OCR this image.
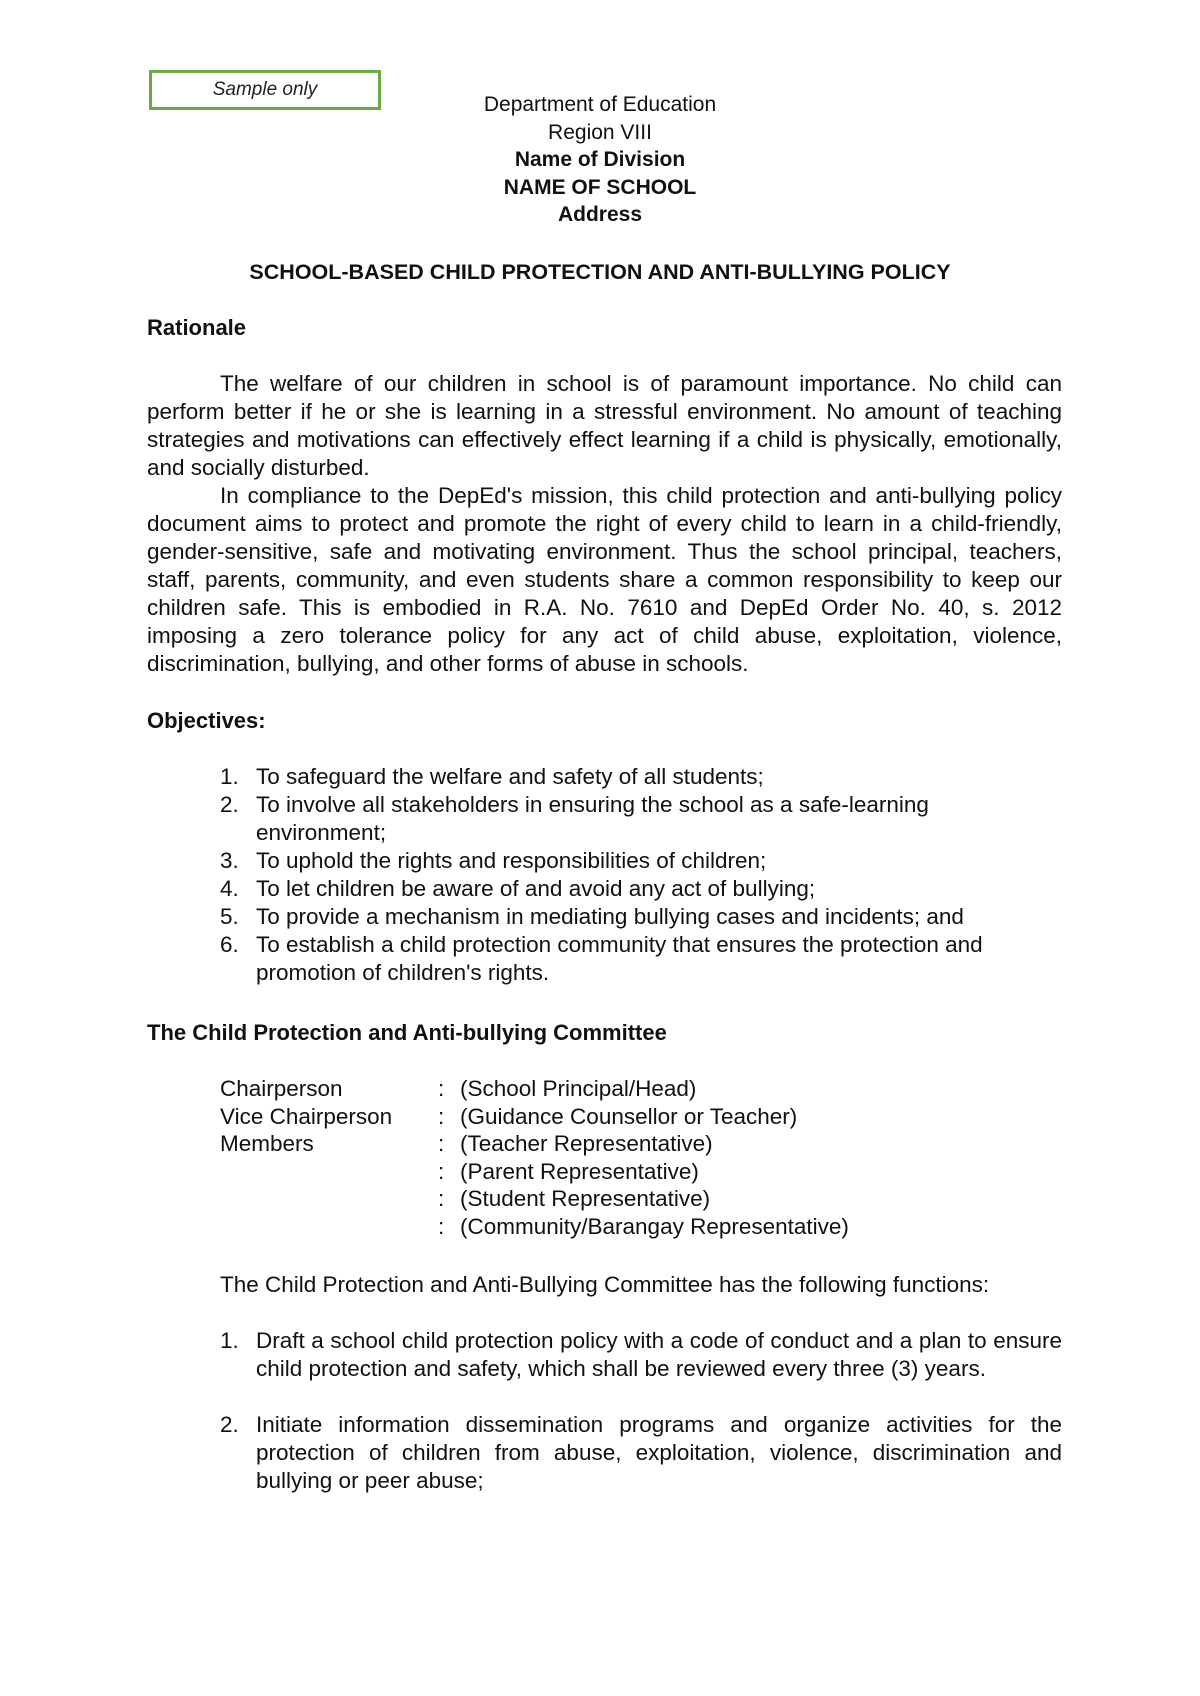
Sample only
Department of Education
Region VIII
Name of Division
NAME OF SCHOOL
Address
SCHOOL-BASED CHILD PROTECTION AND ANTI-BULLYING POLICY
Rationale

The welfare of our children in school is of paramount importance. No child can perform better if he or she is learning in a stressful environment. No amount of teaching strategies and motivations can effectively effect learning if a child is physically, emotionally, and socially disturbed.

In compliance to the DepEd's mission, this child protection and anti-bullying policy document aims to protect and promote the right of every child to learn in a child-friendly, gender-sensitive, safe and motivating environment. Thus the school principal, teachers, staff, parents, community, and even students share a common responsibility to keep our children safe. This is embodied in R.A. No. 7610 and DepEd Order No. 40, s. 2012 imposing a zero tolerance policy for any act of child abuse, exploitation, violence, discrimination, bullying, and other forms of abuse in schools.

Objectives:
1. To safeguard the welfare and safety of all students;
2. To involve all stakeholders in ensuring the school as a safe-learning environment;
3. To uphold the rights and responsibilities of children;
4. To let children be aware of and avoid any act of bullying;
5. To provide a mechanism in mediating bullying cases and incidents; and
6. To establish a child protection community that ensures the protection and promotion of children's rights.
The Child Protection and Anti-bullying Committee
Chairperson	: (School Principal/Head)
Vice Chairperson	: (Guidance Counsellor or Teacher)
Members	: (Teacher Representative)
: (Parent Representative)
: (Student Representative)
: (Community/Barangay Representative)
The Child Protection and Anti-Bullying Committee has the following functions:
1. Draft a school child protection policy with a code of conduct and a plan to ensure child protection and safety, which shall be reviewed every three (3) years.
2. Initiate information dissemination programs and organize activities for the protection of children from abuse, exploitation, violence, discrimination and bullying or peer abuse;
